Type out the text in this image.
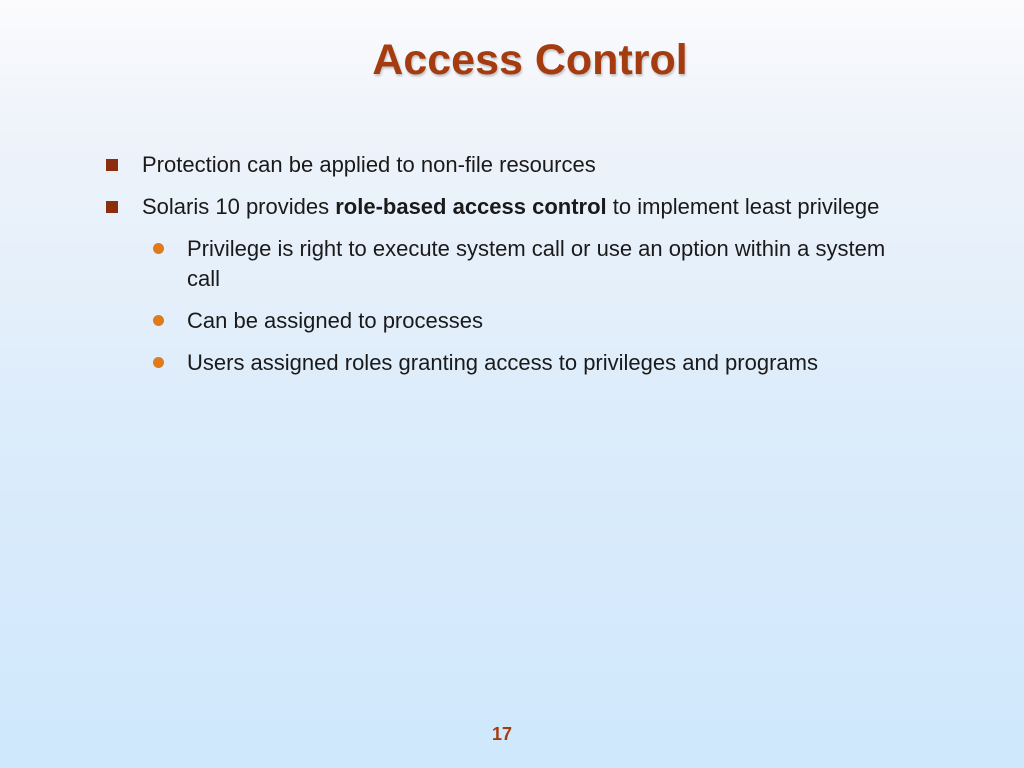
Access Control
Protection can be applied to non-file resources
Solaris 10 provides role-based access control to implement least privilege
Privilege is right to execute system call or use an option within a system call
Can be assigned to processes
Users assigned roles granting access to privileges and programs
17
